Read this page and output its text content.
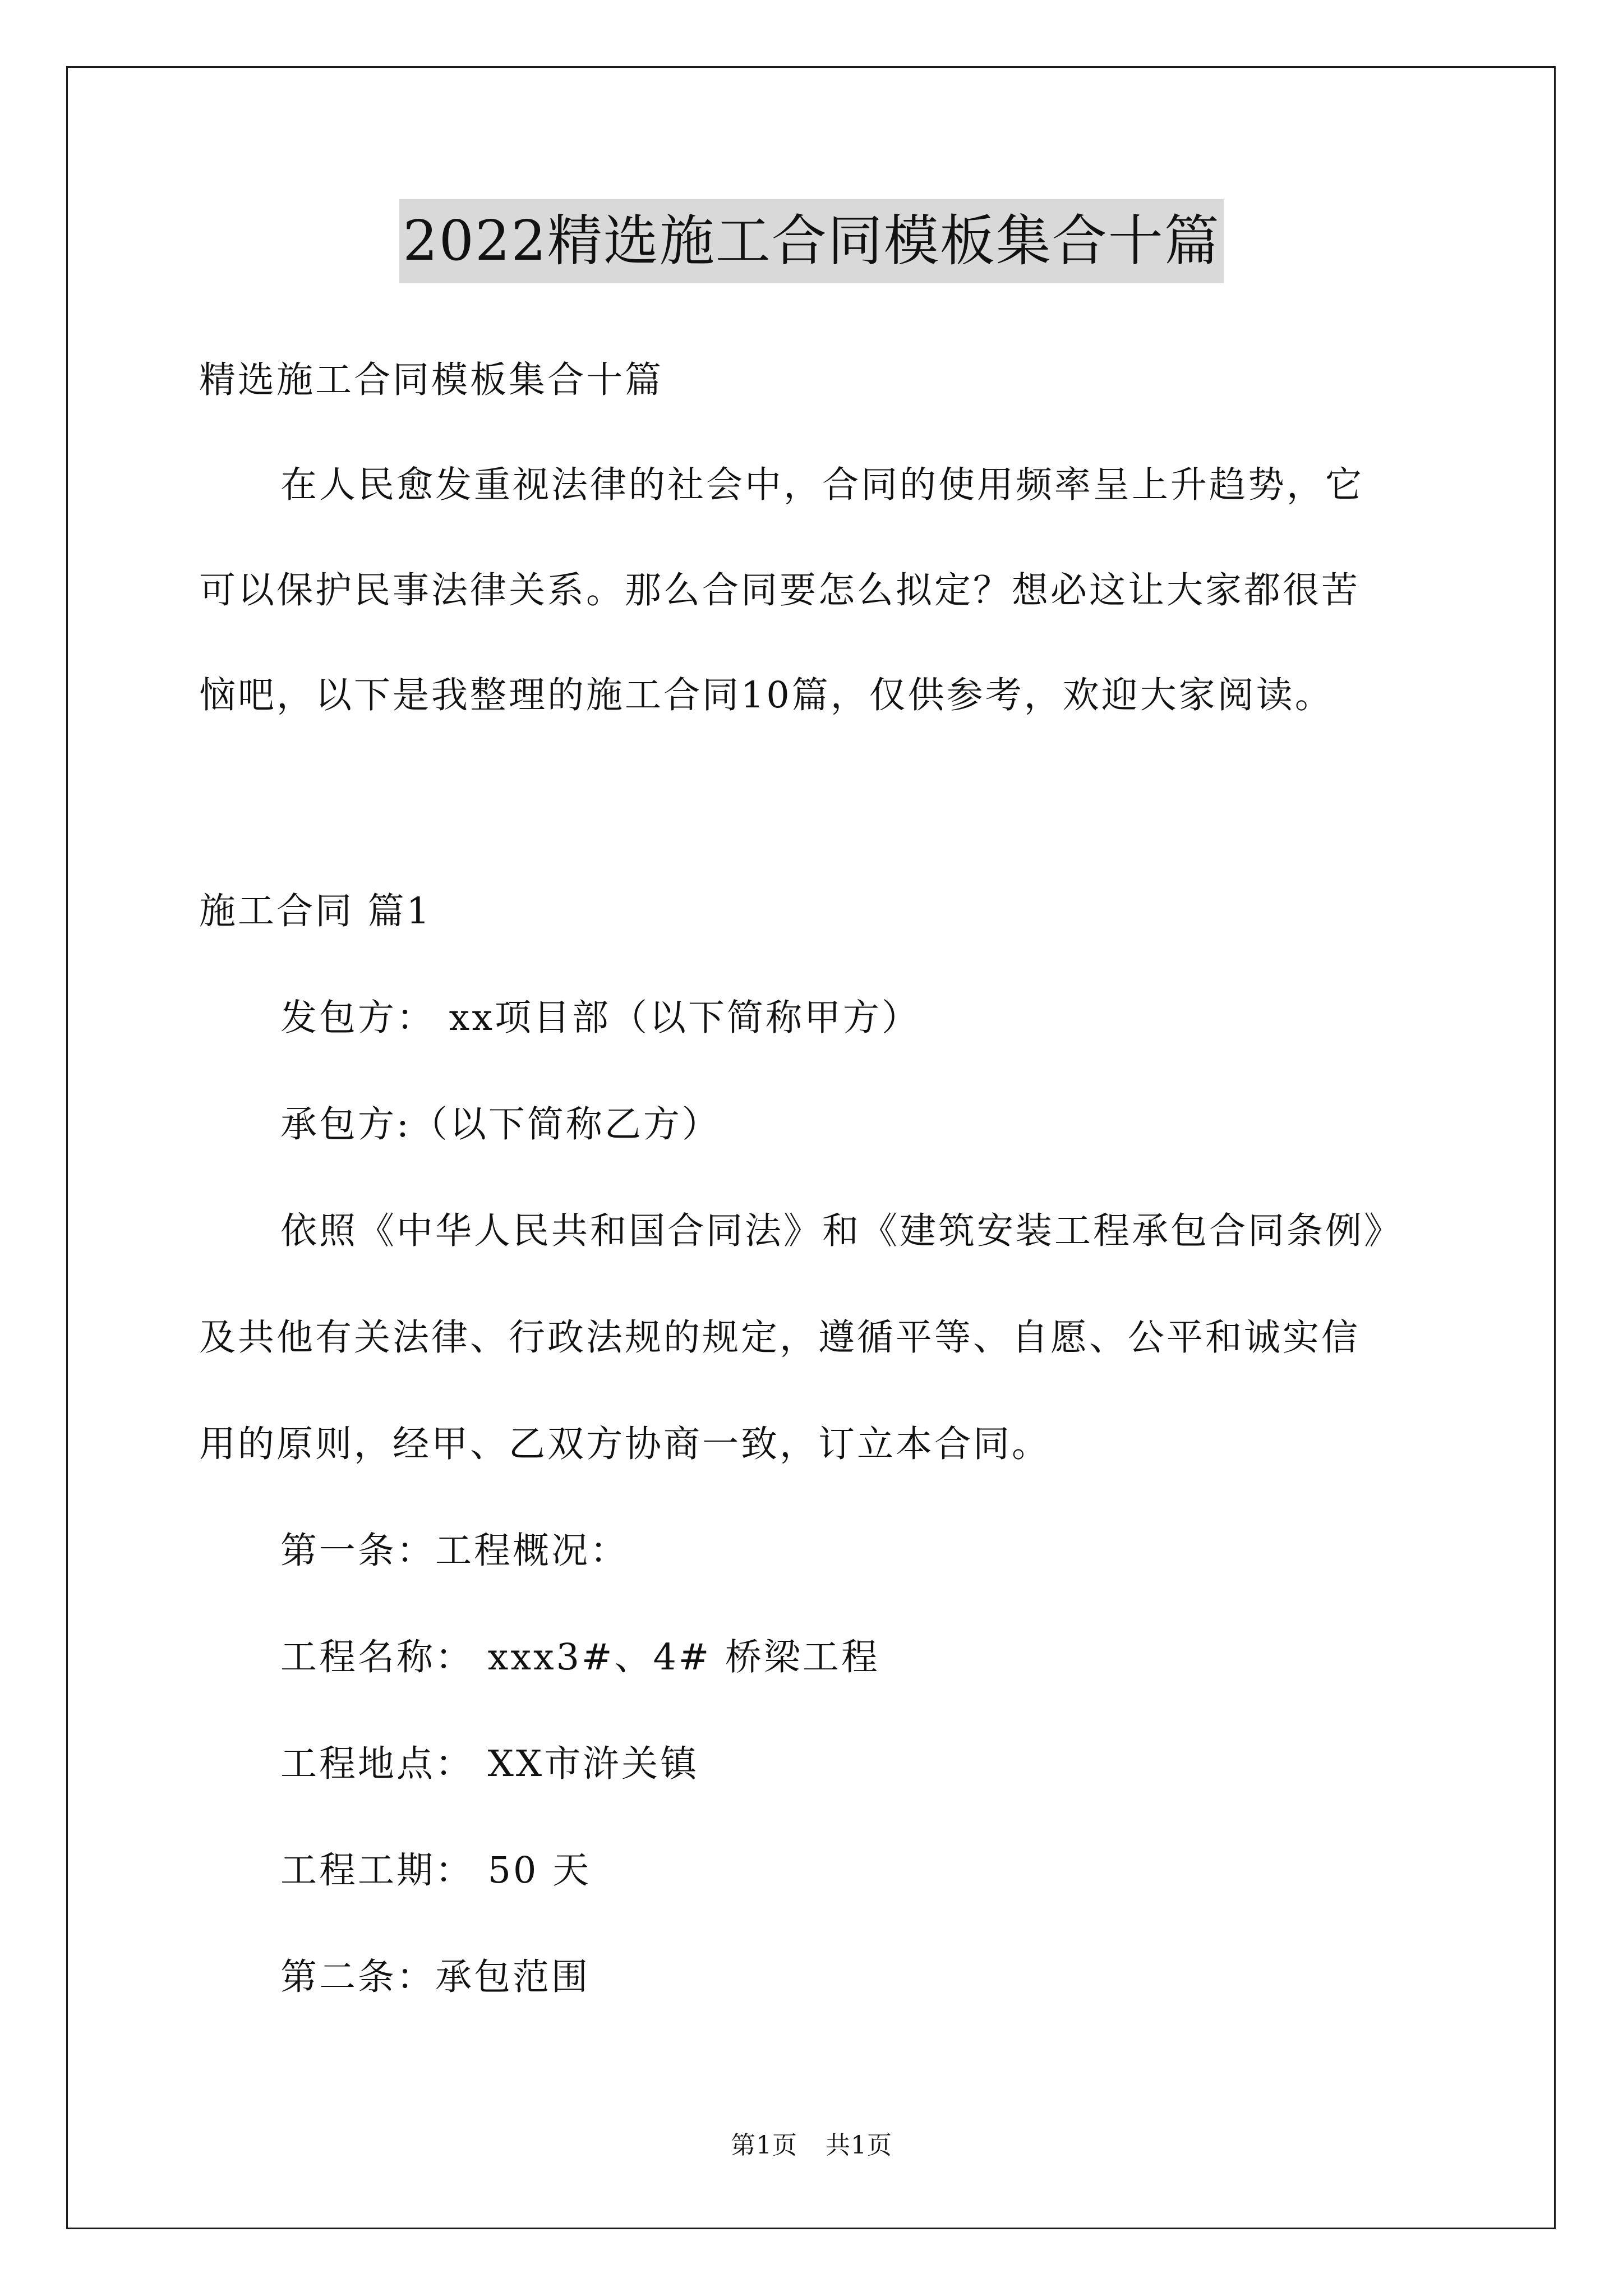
2022精选施工合同模板集合十篇
精选施工合同模板集合十篇
在人民愈发重视法律的社会中，合同的使用频率呈上升趋势，它
可以保护民事法律关系。那么合同要怎么拟定？想必这让大家都很苦
恼吧，以下是我整理的施工合同10篇，仅供参考，欢迎大家阅读。
施工合同 篇1
发包方： xx项目部（以下简称甲方）
承包方:（以下简称乙方）
依照《中华人民共和国合同法》和《建筑安装工程承包合同条例》
及共他有关法律、行政法规的规定，遵循平等、自愿、公平和诚实信
用的原则，经甲、乙双方协商一致，订立本合同。
第一条：工程概况：
工程名称： xxx3#、4# 桥梁工程
工程地点： XX市浒关镇
工程工期： 50 天
第二条：承包范围
第1页 共1页
